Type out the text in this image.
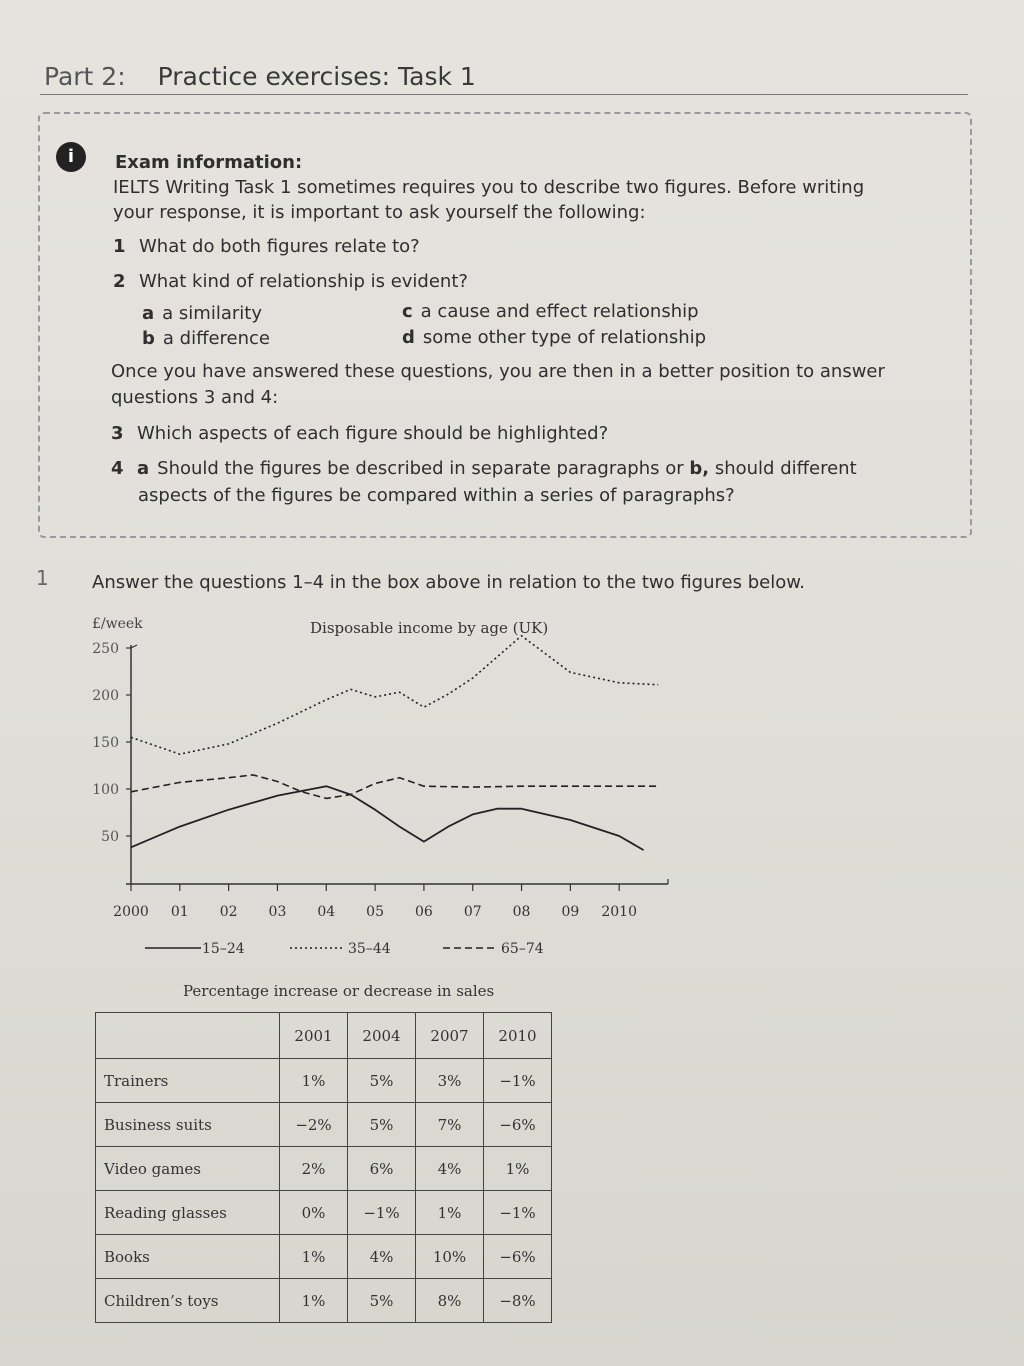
Part 2: Practice exercises: Task 1
i	Exam information:
IELTS Writing Task 1 sometimes requires you to describe two figures. Before writing
your response, it is important to ask yourself the following:
1 What do both figures relate to?
2 What kind of relationship is evident?
a a similarity
b a difference
c a cause and effect relationship
d some other type of relationship
Once you have answered these questions, you are then in a better position to answer
questions 3 and 4:
3 Which aspects of each figure should be highlighted?
4 a Should the figures be described in separate paragraphs or b, should different
aspects of the figures be compared within a series of paragraphs?
1 Answer the questions 1–4 in the box above in relation to the two figures below.
£/week	Disposable income by age (UK)
50
100
150
200
250
2000 01 02 03 04 05 06 07 08 09 2010
15–24	35–44	65–74
Percentage increase or decrease in sales
	2001	2004	2007	2010
Trainers	1%	5%	3%	−1%
Business suits	−2%	5%	7%	−6%
Video games	2%	6%	4%	1%
Reading glasses	0%	−1%	1%	−1%
Books	1%	4%	10%	−6%
Children’s toys	1%	5%	8%	−8%
